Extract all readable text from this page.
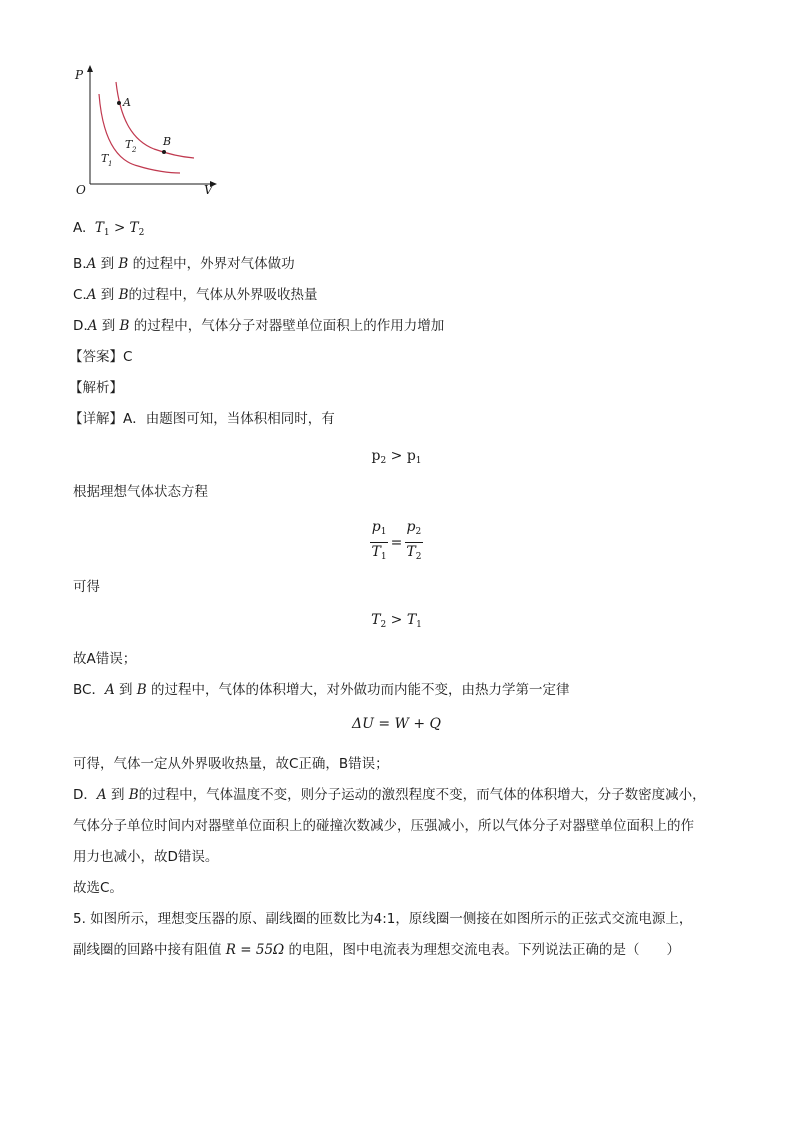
P
V
O
A
B
T 2
T 1
A. $T_1 > T_2$
B.A 到 B 的过程中，外界对气体做功
C.A 到 B的过程中，气体从外界吸收热量
D.A 到 B 的过程中，气体分子对器壁单位面积上的作用力增加
【答案】C
【解析】
【详解】A．由题图可知，当体积相同时，有
$p_2 > p_1$
根据理想气体状态方程
$\frac{p_1}{T_1} = \frac{p_2}{T_2}$
可得
$T_2 > T_1$
故A错误；
BC．A 到 B 的过程中，气体的体积增大，对外做功而内能不变，由热力学第一定律
ΔU = W + Q
可得，气体一定从外界吸收热量，故C正确，B错误；
D．A 到 B的过程中，气体温度不变，则分子运动的激烈程度不变，而气体的体积增大，分子数密度减小，
气体分子单位时间内对器壁单位面积上的碰撞次数减少，压强减小，所以气体分子对器壁单位面积上的作
用力也减小，故D错误。
故选C。
5. 如图所示，理想变压器的原、副线圈的匝数比为4:1，原线圈一侧接在如图所示的正弦式交流电源上，
副线圈的回路中接有阻值 R = 55Ω 的电阻，图中电流表为理想交流电表。下列说法正确的是（　　）
